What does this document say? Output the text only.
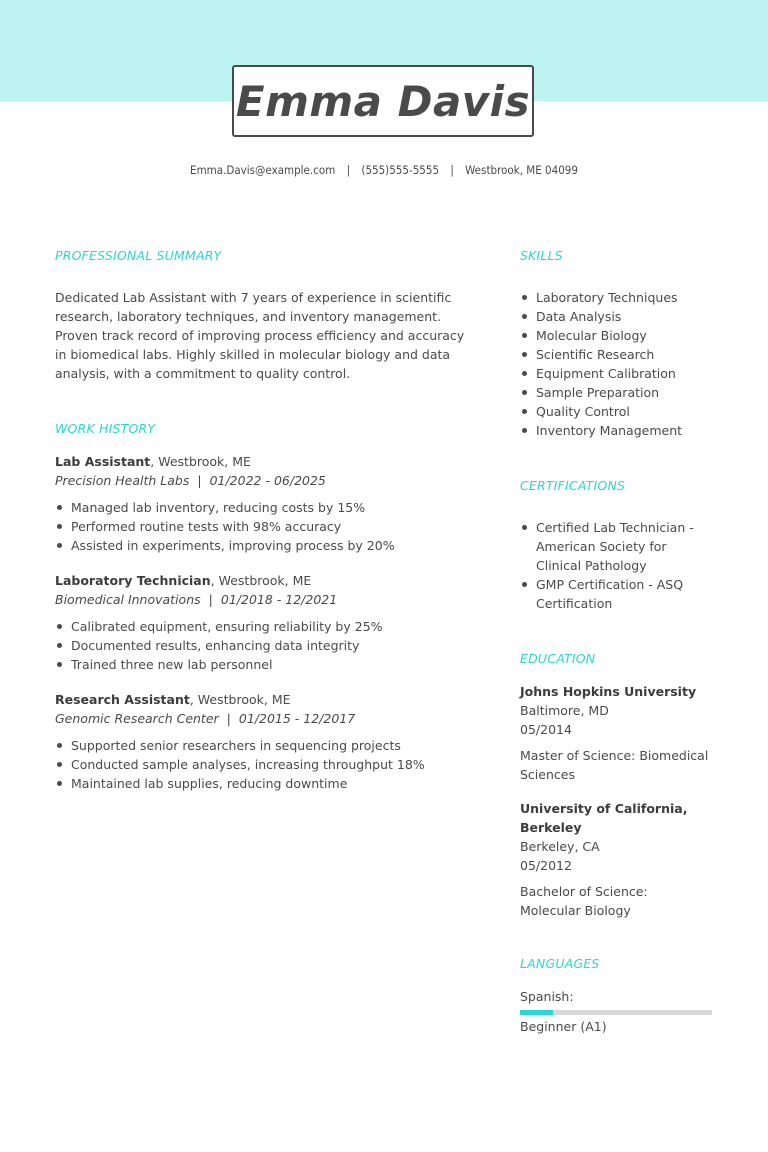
Emma Davis
Emma.Davis@example.com | (555)555-5555 | Westbrook, ME 04099
PROFESSIONAL SUMMARY

Dedicated Lab Assistant with 7 years of experience in scientific research, laboratory techniques, and inventory management. Proven track record of improving process efficiency and accuracy in biomedical labs. Highly skilled in molecular biology and data analysis, with a commitment to quality control.

WORK HISTORY
Lab Assistant, Westbrook, ME
Precision Health Labs | 01/2022 - 06/2025
Managed lab inventory, reducing costs by 15%
Performed routine tests with 98% accuracy
Assisted in experiments, improving process by 20%
Laboratory Technician, Westbrook, ME
Biomedical Innovations | 01/2018 - 12/2021
Calibrated equipment, ensuring reliability by 25%
Documented results, enhancing data integrity
Trained three new lab personnel
Research Assistant, Westbrook, ME
Genomic Research Center | 01/2015 - 12/2017
Supported senior researchers in sequencing projects
Conducted sample analyses, increasing throughput 18%
Maintained lab supplies, reducing downtime
SKILLS
Laboratory Techniques
Data Analysis
Molecular Biology
Scientific Research
Equipment Calibration
Sample Preparation
Quality Control
Inventory Management
CERTIFICATIONS
Certified Lab Technician - American Society for Clinical Pathology
GMP Certification - ASQ Certification
EDUCATION
Johns Hopkins University
Baltimore, MD
05/2014
Master of Science: Biomedical Sciences
University of California, Berkeley
Berkeley, CA
05/2012
Bachelor of Science: Molecular Biology
LANGUAGES
Spanish:
Beginner (A1)
